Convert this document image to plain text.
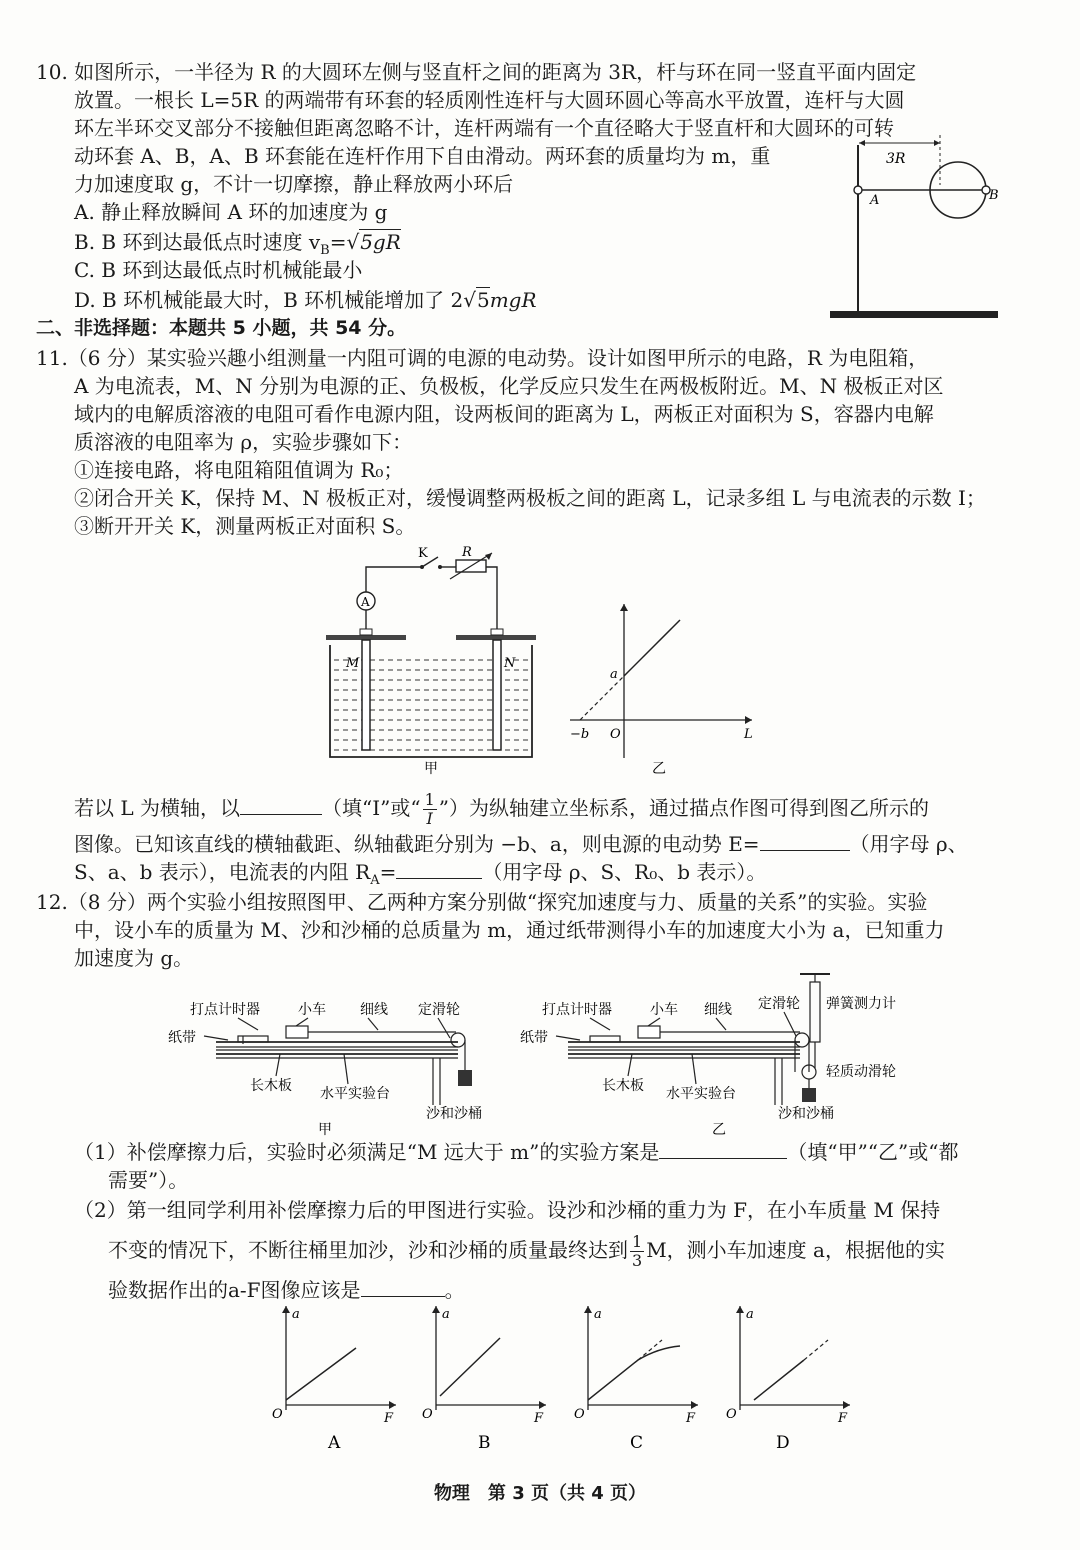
10. 如图所示，一半径为 R 的大圆环左侧与竖直杆之间的距离为 3R，杆与环在同一竖直平面内固定
放置。一根长 L=5R 的两端带有环套的轻质刚性连杆与大圆环圆心等高水平放置，连杆与大圆
环左半环交叉部分不接触但距离忽略不计，连杆两端有一个直径略大于竖直杆和大圆环的可转
动环套 A、B，A、B 环套能在连杆作用下自由滑动。两环套的质量均为 m，重
力加速度取 g，不计一切摩擦，静止释放两小环后
A. 静止释放瞬间 A 环的加速度为 g
B. B 环到达最低点时速度 $v_B=√5gR$
C. B 环到达最低点时机械能最小
D. B 环机械能最大时，B 环机械能增加了 2√5mgR
3R
A	B
二、非选择题：本题共 5 小题，共 54 分。
11.（6 分）某实验兴趣小组测量一内阻可调的电源的电动势。设计如图甲所示的电路，R 为电阻箱，
A 为电流表，M、N 分别为电源的正、负极板，化学反应只发生在两极板附近。M、N 极板正对区
域内的电解质溶液的电阻可看作电源内阻，设两板间的距离为 L，两板正对面积为 S，容器内电解
质溶液的电阻率为 ρ，实验步骤如下：
①连接电路，将电阻箱阻值调为 R₀；
②闭合开关 K，保持 M、N 极板正对，缓慢调整两极板之间的距离 L，记录多组 L 与电流表的示数 I；
③断开开关 K，测量两板正对面积 S。
K	R
A
M	N
甲
a
−b O	L
乙
若以 L 为横轴，以	（填“I”或“ $\frac{1}{I}$ ”）为纵轴建立坐标系，通过描点作图可得到图乙所示的
图像。已知该直线的横轴截距、纵轴截距分别为 −b、a，则电源的电动势 E=	（用字母 ρ、
S、a、b 表示），电流表的内阻 $R_A=$	（用字母 ρ、S、R₀、b 表示）。
12.（8 分）两个实验小组按照图甲、乙两种方案分别做“探究加速度与力、质量的关系”的实验。实验
中，设小车的质量为 M、沙和沙桶的总质量为 m，通过纸带测得小车的加速度大小为 a，已知重力
加速度为 g。
打点计时器	小车 细线 定滑轮
纸带
长木板 水平实验台
沙和沙桶
甲
打点计时器	小车 细线 定滑轮 弹簧测力计
纸带
轻质动滑轮
长木板 水平实验台
沙和沙桶
乙
（1）补偿摩擦力后，实验时必须满足“M 远大于 m”的实验方案是	（填“甲”“乙”或“都
需要”）。
（2）第一组同学利用补偿摩擦力后的甲图进行实验。设沙和沙桶的重力为 F，在小车质量 M 保持
不变的情况下，不断往桶里加沙，沙和沙桶的质量最终达到 $\frac{1}{3}$ M，测小车加速度 a，根据他的实
验数据作出的a-F图像应该是	。
a
F
O
A
a
F
O
B
a
F
O
C
a
F
O
D
物理　第 3 页（共 4 页）
